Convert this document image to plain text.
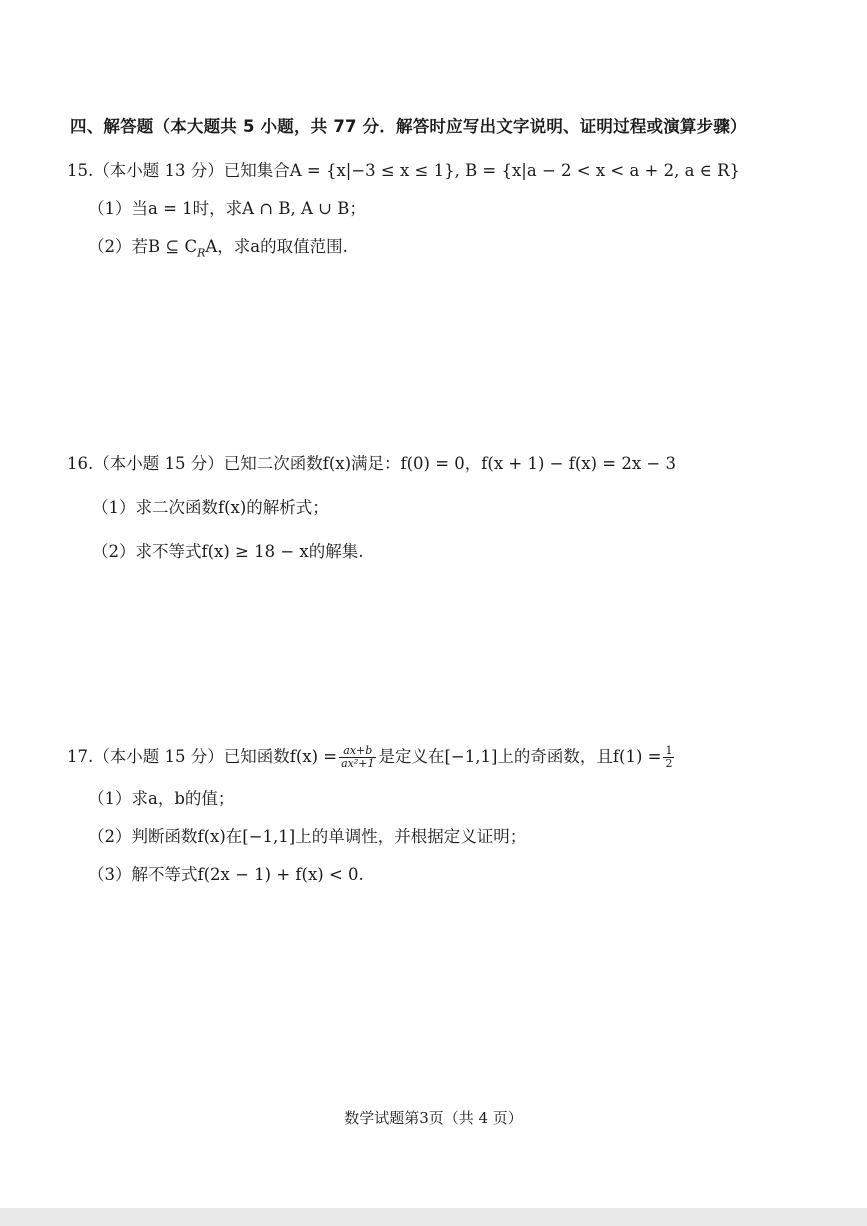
四、解答题（本大题共 5 小题，共 77 分．解答时应写出文字说明、证明过程或演算步骤）
15.（本小题 13 分）已知集合A = {x|−3 ≤ x ≤ 1}, B = {x|a − 2 < x < a + 2, a ∈ R}
（1）当a = 1时，求A ∩ B, A ∪ B；
（2）若B ⊆ $C_RA$，求a的取值范围.
16.（本小题 15 分）已知二次函数f(x)满足：f(0) = 0，f(x + 1) − f(x) = 2x − 3
（1）求二次函数f(x)的解析式；
（2）求不等式f(x) ≥ 18 − x的解集.
17.（本小题 15 分）已知函数$f(x) = \frac{ax+b}{\text{ax²+1}}$ 是定义在[−1,1]上的奇函数，且$f(1) = \frac{1}{2}$
（1）求a，b的值；
（2）判断函数f(x)在[−1,1]上的单调性，并根据定义证明；
（3）解不等式f(2x − 1) + f(x) < 0.
数学试题第3页（共 4 页）
